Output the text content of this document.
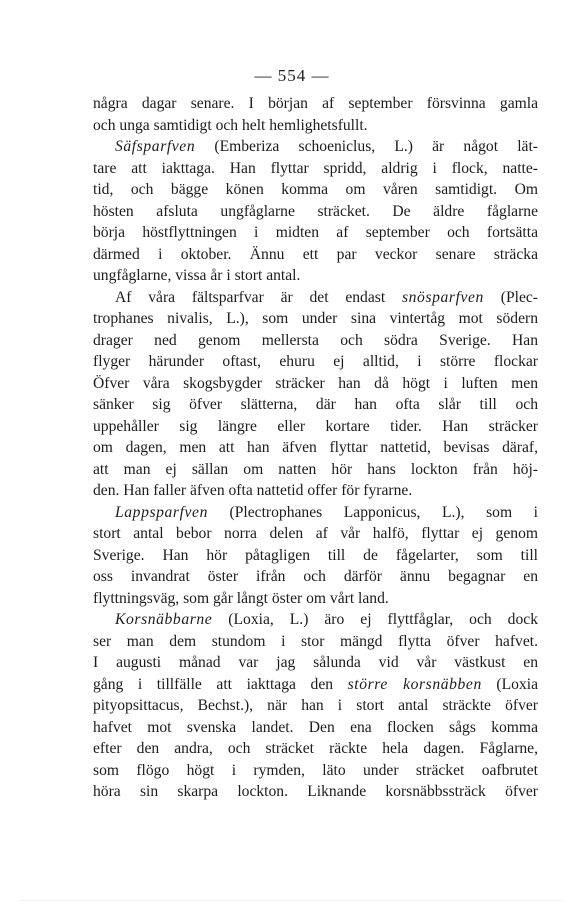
— 554 —
några dagar senare. I början af september försvinna gamla
och unga samtidigt och helt hemlighetsfullt.
Säfsparfven (Emberiza schoeniclus, L.) är något lät-
tare att iakttaga. Han flyttar spridd, aldrig i flock, natte-
tid, och bägge könen komma om våren samtidigt. Om
hösten afsluta ungfåglarne sträcket. De äldre fåglarne
börja höstflyttningen i midten af september och fortsätta
därmed i oktober. Ännu ett par veckor senare sträcka
ungfåglarne, vissa år i stort antal.
Af våra fältsparfvar är det endast snösparfven (Plec-
trophanes nivalis, L.), som under sina vintertåg mot södern
drager ned genom mellersta och södra Sverige. Han
flyger härunder oftast, ehuru ej alltid, i större flockar
Öfver våra skogsbygder sträcker han då högt i luften men
sänker sig öfver slätterna, där han ofta slår till och
uppehåller sig längre eller kortare tider. Han sträcker
om dagen, men att han äfven flyttar nattetid, bevisas däraf,
att man ej sällan om natten hör hans lockton från höj-
den. Han faller äfven ofta nattetid offer för fyrarne.
Lappsparfven (Plectrophanes Lapponicus, L.), som i
stort antal bebor norra delen af vår halfö, flyttar ej genom
Sverige. Han hör påtagligen till de fågelarter, som till
oss invandrat öster ifrån och därför ännu begagnar en
flyttningsväg, som går långt öster om vårt land.
Korsnäbbarne (Loxia, L.) äro ej flyttfåglar, och dock
ser man dem stundom i stor mängd flytta öfver hafvet.
I augusti månad var jag sålunda vid vår västkust en
gång i tillfälle att iakttaga den större korsnäbben (Loxia
pityopsittacus, Bechst.), när han i stort antal sträckte öfver
hafvet mot svenska landet. Den ena flocken sågs komma
efter den andra, och sträcket räckte hela dagen. Fåglarne,
som flögo högt i rymden, läto under sträcket oafbrutet
höra sin skarpa lockton. Liknande korsnäbbssträck öfver
